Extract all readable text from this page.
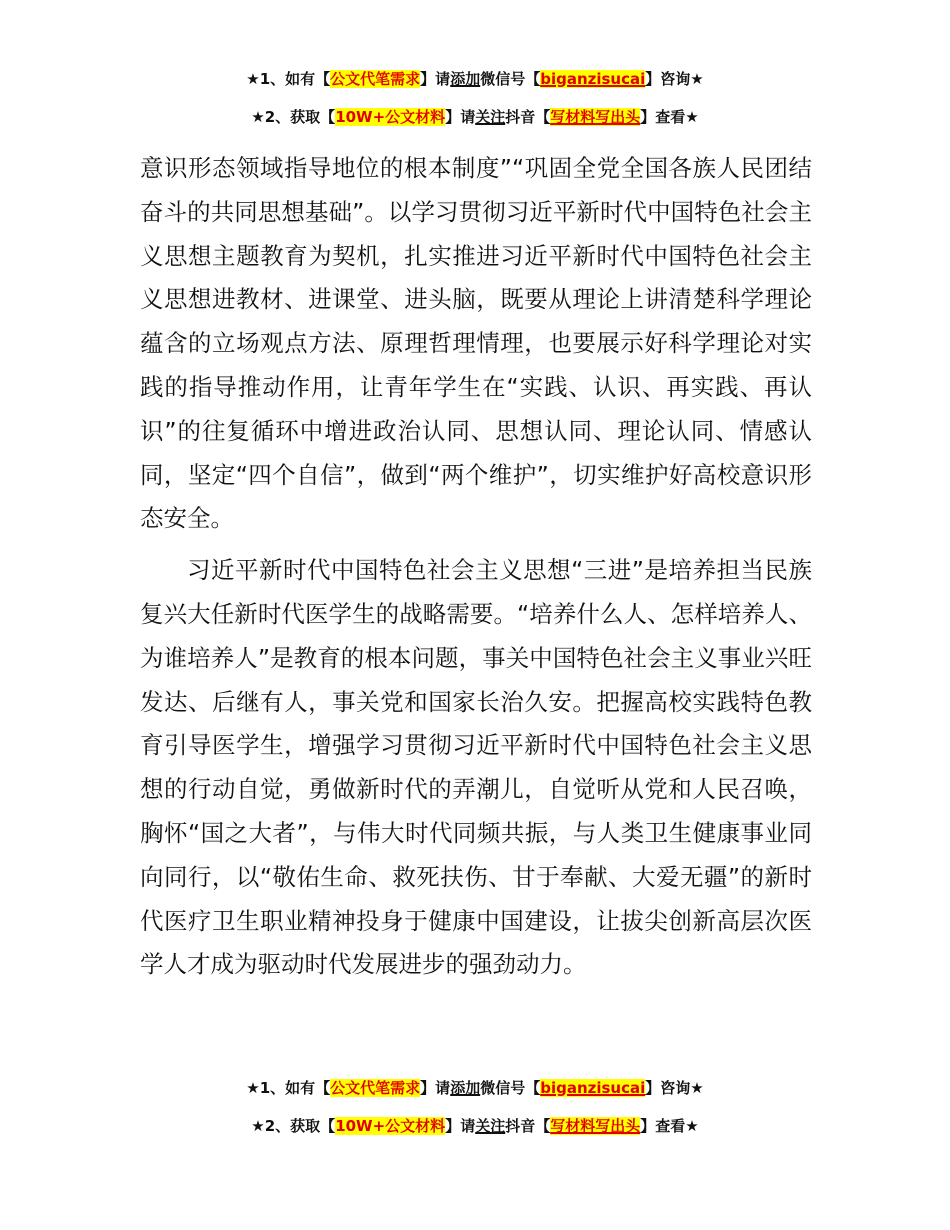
★1、如有【公文代笔需求】请添加微信号【biganzisucai】咨询★
★2、获取【10W+公文材料】请关注抖音【写材料写出头】查看★

意识形态领域指导地位的根本制度”“巩固全党全国各族人民团结奋斗的共同思想基础”。以学习贯彻习近平新时代中国特色社会主义思想主题教育为契机，扎实推进习近平新时代中国特色社会主义思想进教材、进课堂、进头脑，既要从理论上讲清楚科学理论蕴含的立场观点方法、原理哲理情理，也要展示好科学理论对实践的指导推动作用，让青年学生在“实践、认识、再实践、再认识”的往复循环中增进政治认同、思想认同、理论认同、情感认同，坚定“四个自信”，做到“两个维护”，切实维护好高校意识形态安全。

习近平新时代中国特色社会主义思想“三进”是培养担当民族复兴大任新时代医学生的战略需要。“培养什么人、怎样培养人、为谁培养人”是教育的根本问题，事关中国特色社会主义事业兴旺发达、后继有人，事关党和国家长治久安。把握高校实践特色教育引导医学生，增强学习贯彻习近平新时代中国特色社会主义思想的行动自觉，勇做新时代的弄潮儿，自觉听从党和人民召唤，胸怀“国之大者”，与伟大时代同频共振，与人类卫生健康事业同向同行，以“敬佑生命、救死扶伤、甘于奉献、大爱无疆”的新时代医疗卫生职业精神投身于健康中国建设，让拔尖创新高层次医学人才成为驱动时代发展进步的强劲动力。

★1、如有【公文代笔需求】请添加微信号【biganzisucai】咨询★
★2、获取【10W+公文材料】请关注抖音【写材料写出头】查看★
